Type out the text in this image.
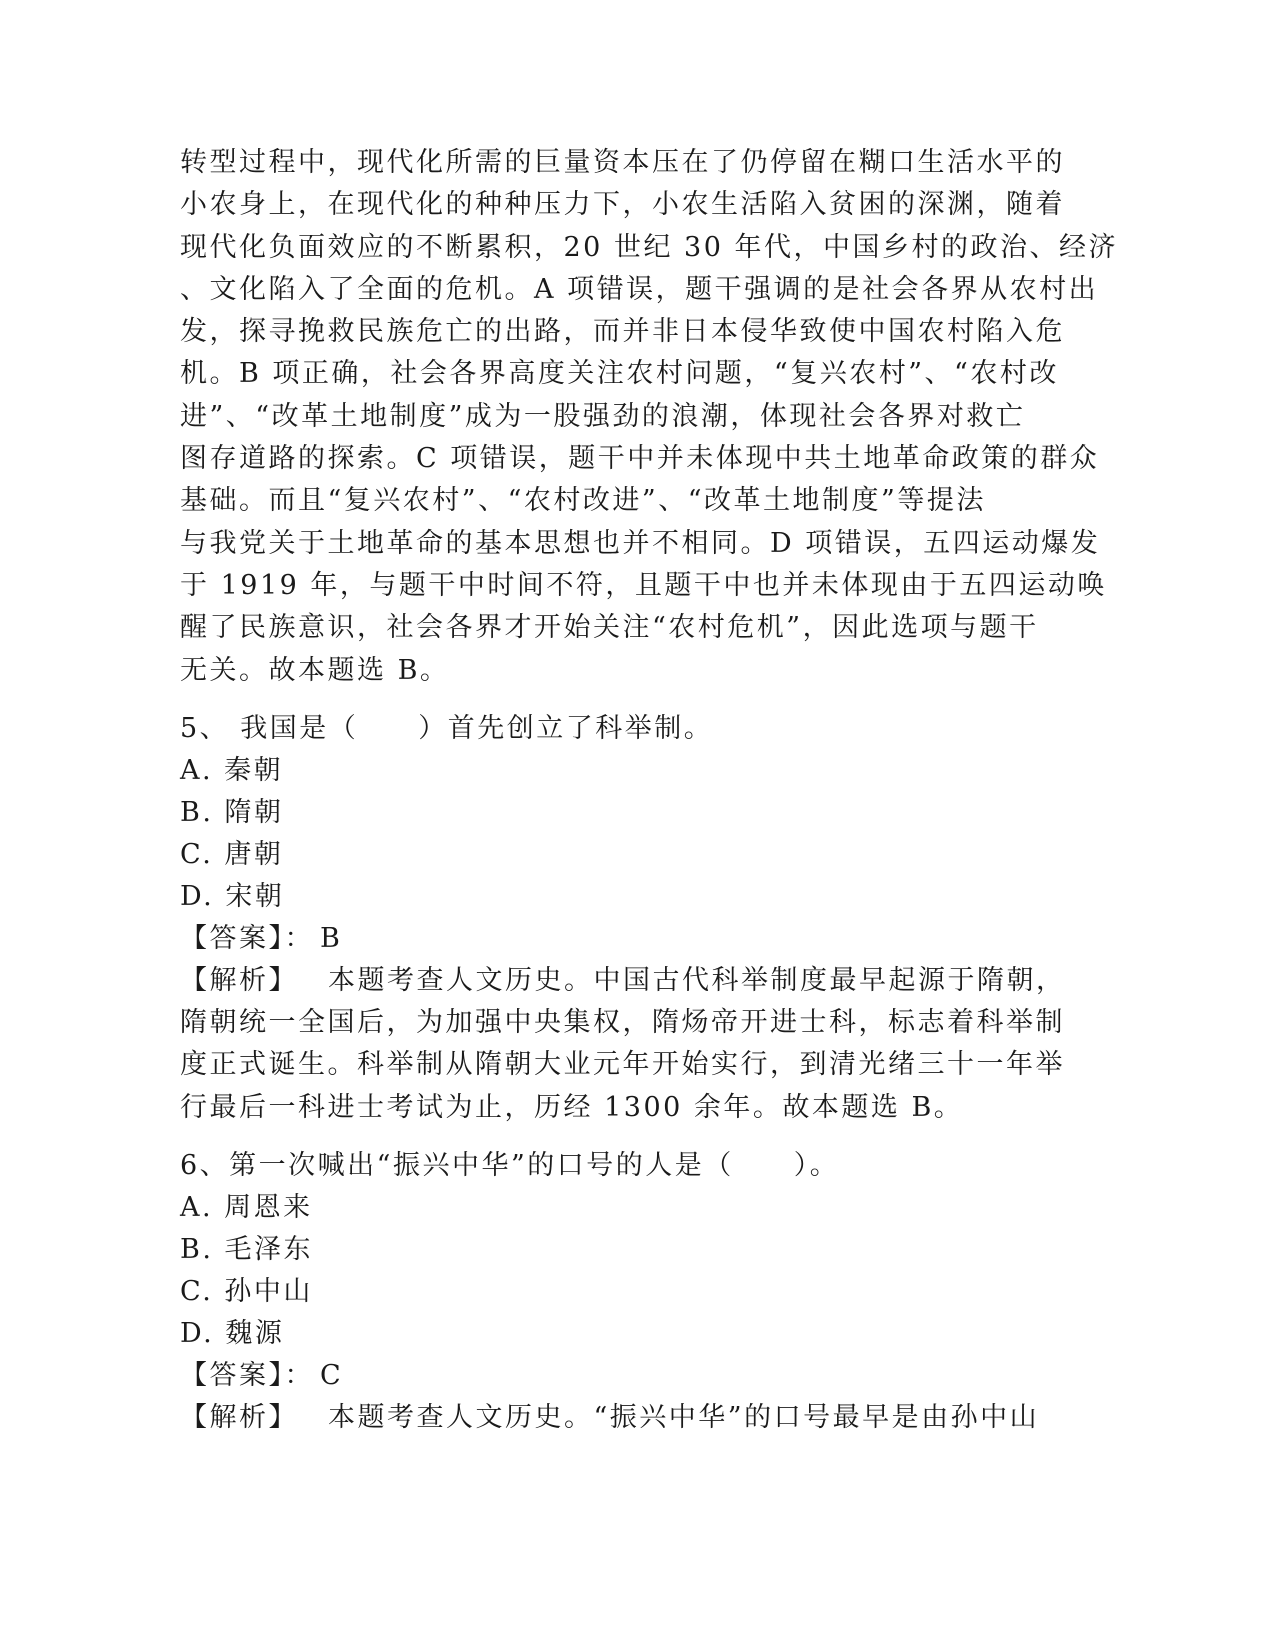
转型过程中，现代化所需的巨量资本压在了仍停留在糊口生活水平的

小农身上，在现代化的种种压力下，小农生活陷入贫困的深渊，随着

现代化负面效应的不断累积，20 世纪 30 年代，中国乡村的政治、经济

、文化陷入了全面的危机。A 项错误，题干强调的是社会各界从农村出

发，探寻挽救民族危亡的出路，而并非日本侵华致使中国农村陷入危

机。B 项正确，社会各界高度关注农村问题，“复兴农村”、“农村改

进”、“改革土地制度”成为一股强劲的浪潮，体现社会各界对救亡

图存道路的探索。C 项错误，题干中并未体现中共土地革命政策的群众

基础。而且“复兴农村”、“农村改进”、“改革土地制度”等提法

与我党关于土地革命的基本思想也并不相同。D 项错误，五四运动爆发

于 1919 年，与题干中时间不符，且题干中也并未体现由于五四运动唤

醒了民族意识，社会各界才开始关注“农村危机”，因此选项与题干

无关。故本题选 B。

5、 我国是（ ）首先创立了科举制。

A. 秦朝

B. 隋朝

C. 唐朝

D. 宋朝

【答案】： B

【解析】 本题考查人文历史。中国古代科举制度最早起源于隋朝，

隋朝统一全国后，为加强中央集权，隋炀帝开进士科，标志着科举制

度正式诞生。科举制从隋朝大业元年开始实行，到清光绪三十一年举

行最后一科进士考试为止，历经 1300 余年。故本题选 B。

6、第一次喊出“振兴中华”的口号的人是（ ）。

A. 周恩来

B. 毛泽东

C. 孙中山

D. 魏源

【答案】： C

【解析】 本题考查人文历史。“振兴中华”的口号最早是由孙中山
